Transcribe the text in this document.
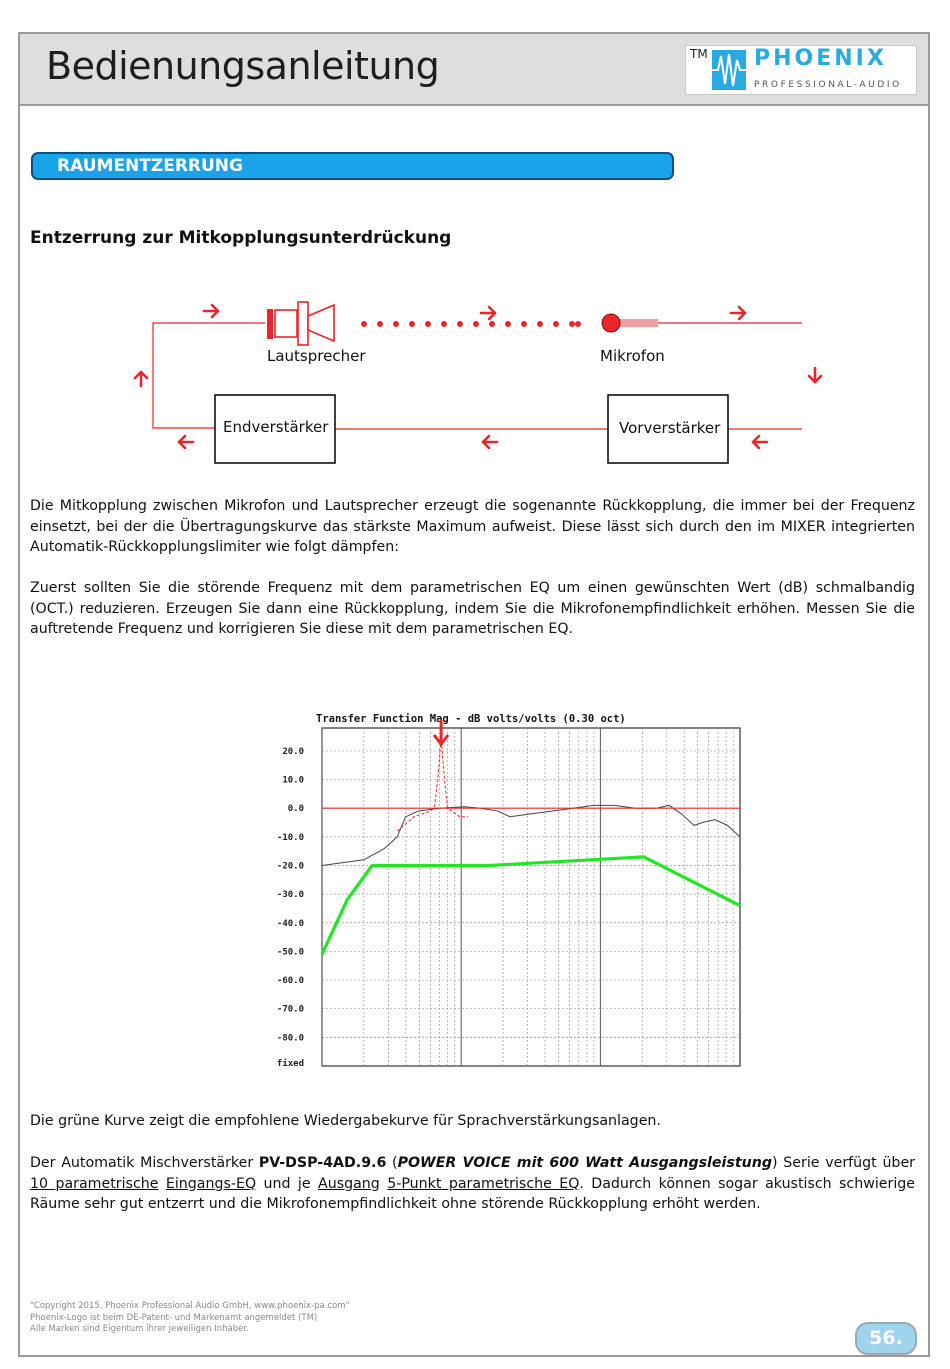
Bedienungsanleitung	TM PHOENIX
PROFESSIONAL-AUDIO
RAUMENTZERRUNG
Entzerrung zur Mitkopplungsunterdrückung
Lautsprecher	Mikrofon
Endverstärker	Vorverstärker
Die Mitkopplung zwischen Mikrofon und Lautsprecher erzeugt die sogenannte Rückkopplung, die immer bei der Frequenz einsetzt, bei der die Übertragungskurve das stärkste Maximum aufweist. Diese lässt sich durch den im MIXER integrierten Automatik-Rückkopplungslimiter wie folgt dämpfen:
Zuerst sollten Sie die störende Frequenz mit dem parametrischen EQ um einen gewünschten Wert (dB) schmalbandig (OCT.) reduzieren. Erzeugen Sie dann eine Rückkopplung, indem Sie die Mikrofonempfindlichkeit erhöhen. Messen Sie die auftretende Frequenz und korrigieren Sie diese mit dem parametrischen EQ.
20.0
10.0
0.0
-10.0
-20.0
-30.0
-40.0
-50.0
-60.0
-70.0
-80.0
fixed
Transfer Function Mag - dB volts/volts (0.30 oct)
Die grüne Kurve zeigt die empfohlene Wiedergabekurve für Sprachverstärkungsanlagen.
Der Automatik Mischverstärker PV-DSP-4AD.9.6 (POWER VOICE mit 600 Watt Ausgangsleistung) Serie verfügt über 10 parametrische Eingangs-EQ und je Ausgang 5-Punkt parametrische EQ. Dadurch können sogar akustisch schwierige Räume sehr gut entzerrt und die Mikrofonempfindlichkeit ohne störende Rückkopplung erhöht werden.
"Copyright 2015, Phoenix Professional Audio GmbH, www.phoenix-pa.com"
Phoenix-Logo ist beim DE-Patent- und Markenamt angemeldet (TM)
Alle Marken sind Eigentum ihrer jeweiligen Inhaber.	56.
